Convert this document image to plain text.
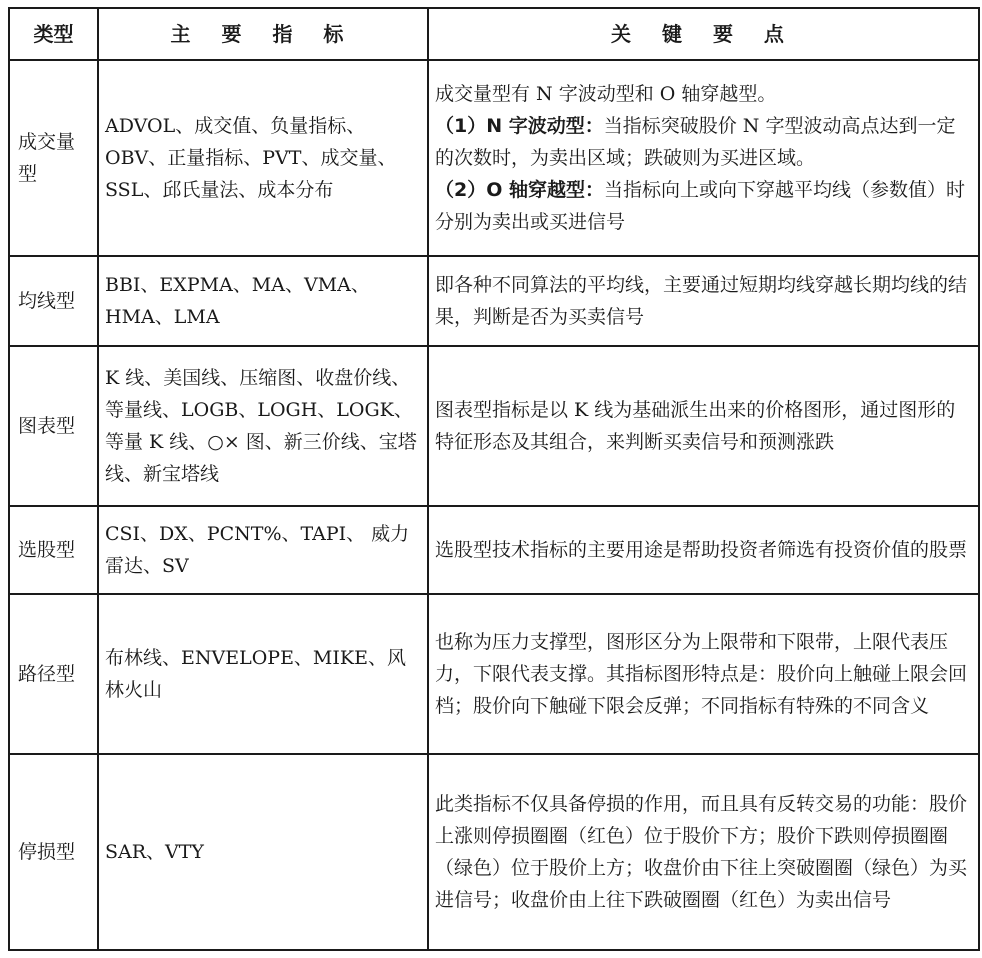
类型	主 要 指 标	关 键 要 点
成交量型	ADVOL、成交值、负量指标、OBV、正量指标、PVT、成交量、SSL、邱氏量法、成本分布	成交量型有 N 字波动型和 O 轴穿越型。

（1）N 字波动型：当指标突破股价 N 字型波动高点达到一定的次数时，为卖出区域；跌破则为买进区域。

（2）O 轴穿越型：当指标向上或向下穿越平均线（参数值）时分别为卖出或买进信号

均线型	BBI、EXPMA、MA、VMA、HMA、LMA	即各种不同算法的平均线，主要通过短期均线穿越长期均线的结果，判断是否为买卖信号
图表型	K 线、美国线、压缩图、收盘价线、等量线、LOGB、LOGH、LOGK、等量 K 线、○× 图、新三价线、宝塔线、新宝塔线	图表型指标是以 K 线为基础派生出来的价格图形，通过图形的特征形态及其组合，来判断买卖信号和预测涨跌
选股型	CSI、DX、PCNT%、TAPI、 威力雷达、SV	选股型技术指标的主要用途是帮助投资者筛选有投资价值的股票
路径型	布林线、ENVELOPE、MIKE、风林火山	也称为压力支撑型，图形区分为上限带和下限带，上限代表压力，下限代表支撑。其指标图形特点是：股价向上触碰上限会回档；股价向下触碰下限会反弹；不同指标有特殊的不同含义
停损型	SAR、VTY	此类指标不仅具备停损的作用，而且具有反转交易的功能：股价上涨则停损圈圈（红色）位于股价下方；股价下跌则停损圈圈（绿色）位于股价上方；收盘价由下往上突破圈圈（绿色）为买进信号；收盘价由上往下跌破圈圈（红色）为卖出信号
